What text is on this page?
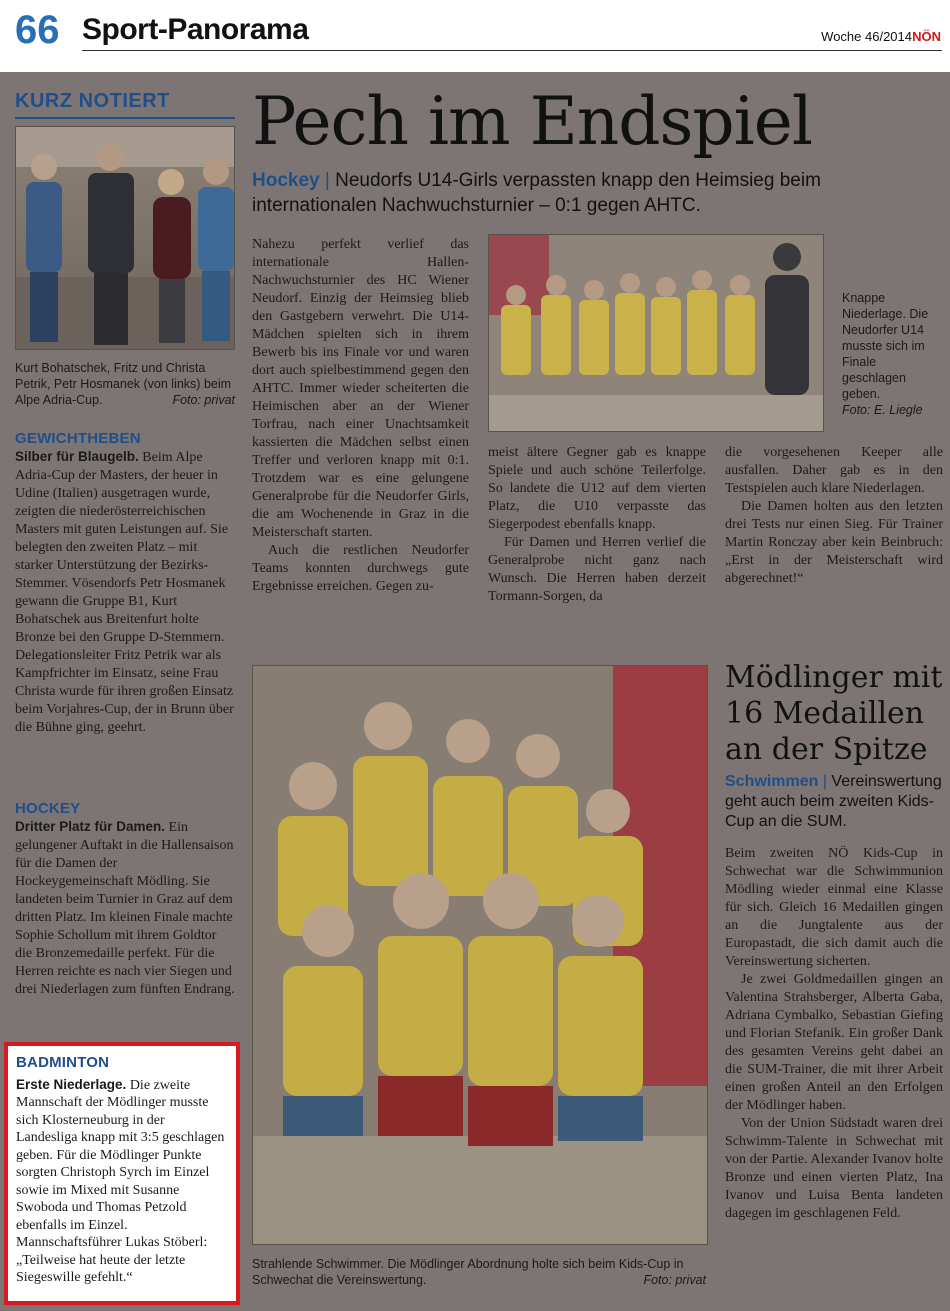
66 Sport-Panorama	Woche 46/2014 NÖN
KURZ NOTIERT
Kurt Bohatschek, Fritz und Christa Petrik, Petr Hosmanek (von links) beim Alpe Adria-Cup.	Foto: privat
GEWICHTHEBEN

Silber für Blaugelb. Beim Alpe Adria-Cup der Masters, der heuer in Udine (Italien) ausgetragen wurde, zeigten die niederösterreichischen Masters mit guten Leistungen auf. Sie belegten den zweiten Platz – mit starker Unterstützung der Bezirks-Stemmer. Vösendorfs Petr Hosmanek gewann die Gruppe B1, Kurt Bohatschek aus Breitenfurt holte Bronze bei den Gruppe D-Stemmern. Delegationsleiter Fritz Petrik war als Kampfrichter im Einsatz, seine Frau Christa wurde für ihren großen Einsatz beim Vorjahres-Cup, der in Brunn über die Bühne ging, geehrt.

HOCKEY

Dritter Platz für Damen. Ein gelungener Auftakt in die Hallensaison für die Damen der Hockeygemeinschaft Mödling. Sie landeten beim Turnier in Graz auf dem dritten Platz. Im kleinen Finale machte Sophie Schollum mit ihrem Goldtor die Bronzemedaille perfekt. Für die Herren reichte es nach vier Siegen und drei Niederlagen zum fünften Endrang.

BADMINTON
Erste Niederlage. Die zweite Mannschaft der Mödlinger musste sich Klosterneuburg in der Landesliga knapp mit 3:5 geschlagen geben. Für die Mödlinger Punkte sorgten Christoph Syrch im Einzel sowie im Mixed mit Susanne Swoboda und Thomas Petzold ebenfalls im Einzel. Mannschaftsführer Lukas Stöberl: „Teilweise hat heute der letzte Siegeswille gefehlt.“
Pech im Endspiel
Hockey | Neudorfs U14-Girls verpassten knapp den Heimsieg beim internationalen Nachwuchsturnier – 0:1 gegen AHTC.

Nahezu perfekt verlief das internationale Hallen-Nachwuchsturnier des HC Wiener Neudorf. Einzig der Heimsieg blieb den Gastgebern verwehrt. Die U14-Mädchen spielten sich in ihrem Bewerb bis ins Finale vor und waren dort auch spielbestimmend gegen den AHTC. Immer wieder scheiterten die Heimischen aber an der Wiener Torfrau, nach einer Unachtsamkeit kassierten die Mädchen selbst einen Treffer und verloren knapp mit 0:1. Trotzdem war es eine gelungene Generalprobe für die Neudorfer Girls, die am Wochenende in Graz in die Meisterschaft starten.

Auch die restlichen Neudorfer Teams konnten durchwegs gute Ergebnisse erreichen. Gegen zu-

Knappe Niederlage. Die Neudorfer U14 musste sich im Finale geschlagen geben.
Foto: E. Liegle

meist ältere Gegner gab es knappe Spiele und auch schöne Teilerfolge. So landete die U12 auf dem vierten Platz, die U10 verpasste das Siegerpodest ebenfalls knapp.

Für Damen und Herren verlief die Generalprobe nicht ganz nach Wunsch. Die Herren haben derzeit Tormann-Sorgen, da

die vorgesehenen Keeper alle ausfallen. Daher gab es in den Testspielen auch klare Niederlagen.

Die Damen holten aus den letzten drei Tests nur einen Sieg. Für Trainer Martin Ronczay aber kein Beinbruch: „Erst in der Meisterschaft wird abgerechnet!“

Strahlende Schwimmer. Die Mödlinger Abordnung holte sich beim Kids-Cup in Schwechat die Vereinswertung.	Foto: privat
Mödlinger mit 16 Medaillen an der Spitze
Schwimmen | Vereinswertung geht auch beim zweiten Kids-Cup an die SUM.

Beim zweiten NÖ Kids-Cup in Schwechat war die Schwimmunion Mödling wieder einmal eine Klasse für sich. Gleich 16 Medaillen gingen an die Jungtalente aus der Europastadt, die sich damit auch die Vereinswertung sicherten.

Je zwei Goldmedaillen gingen an Valentina Strahsberger, Alberta Gaba, Adriana Cymbalko, Sebastian Giefing und Florian Stefanik. Ein großer Dank des gesamten Vereins geht dabei an die SUM-Trainer, die mit ihrer Arbeit einen großen Anteil an den Erfolgen der Mödlinger haben.

Von der Union Südstadt waren drei Schwimm-Talente in Schwechat mit von der Partie. Alexander Ivanov holte Bronze und einen vierten Platz, Ina Ivanov und Luisa Benta landeten dagegen im geschlagenen Feld.
